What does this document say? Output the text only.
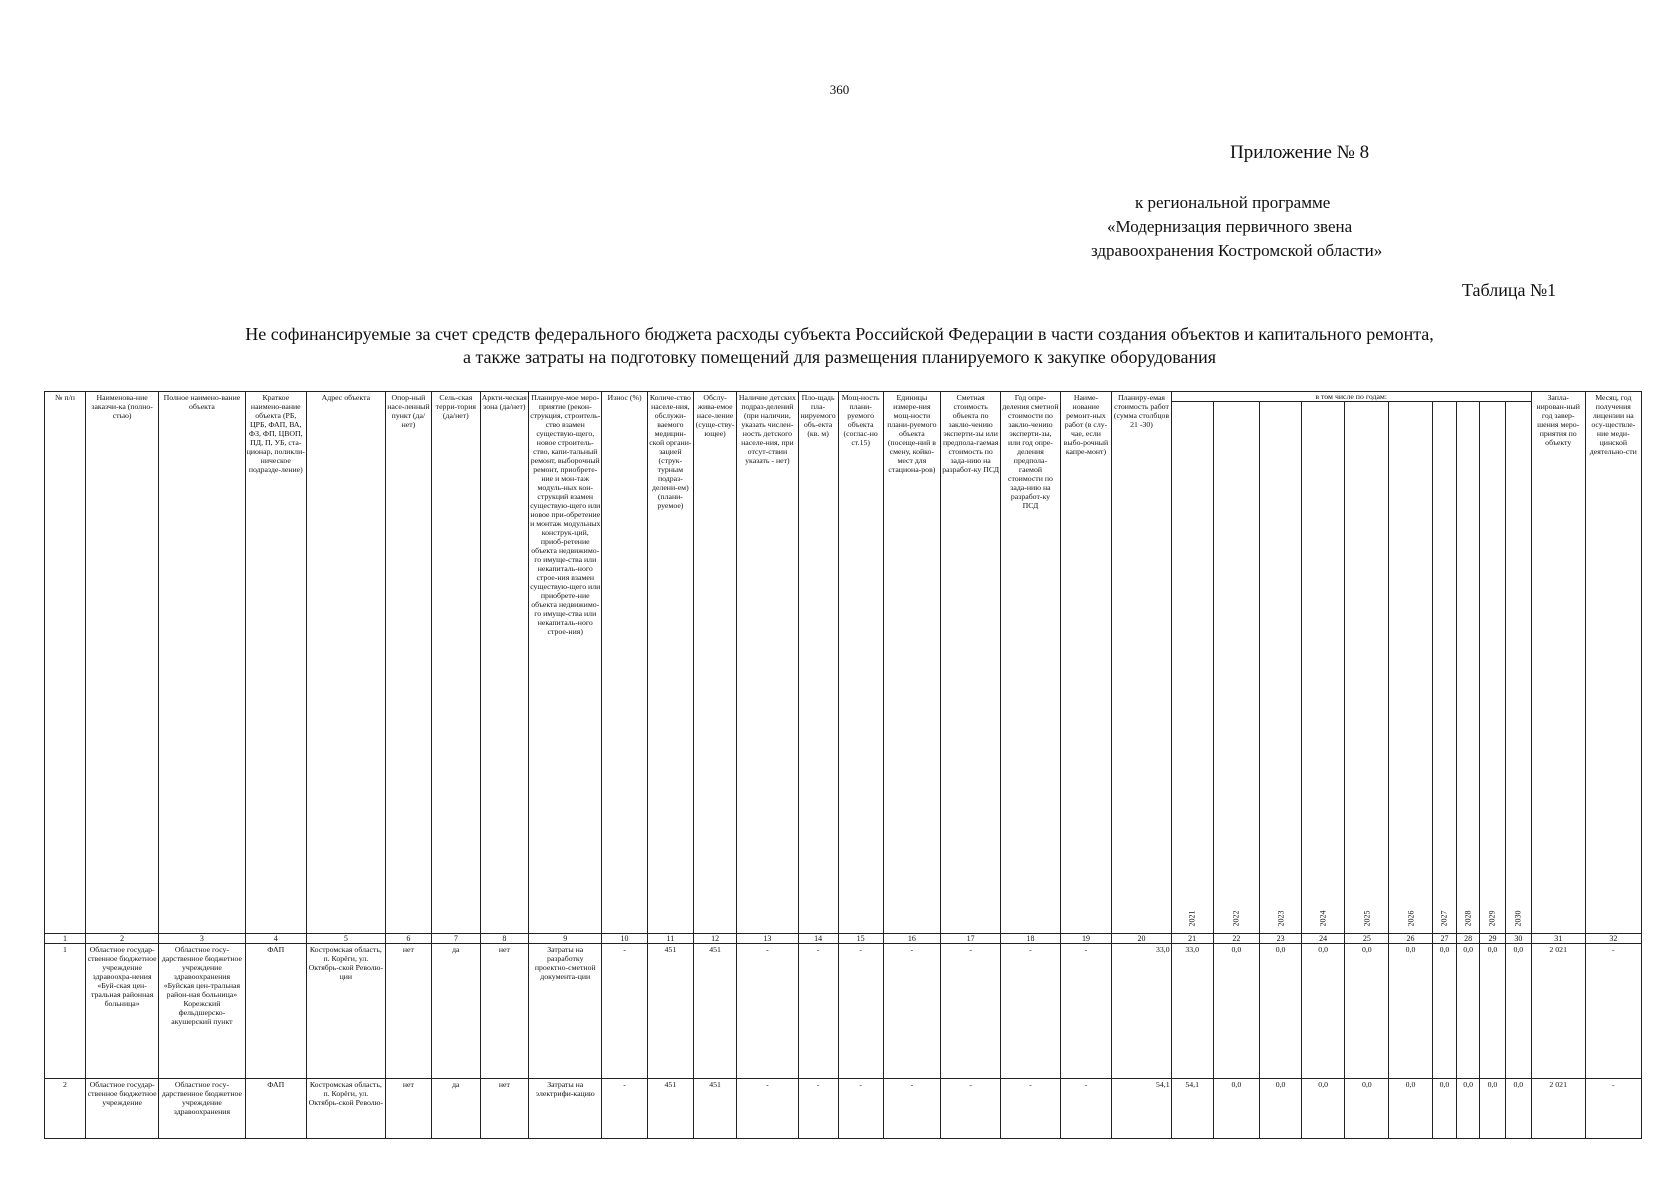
360
Приложение № 8
к региональной программе
«Модернизация первичного звена
здравоохранения Костромской области»
Таблица №1
Не софинансируемые за счет средств федерального бюджета расходы субъекта Российской Федерации в части создания объектов и капитального ремонта,
а также затраты на подготовку помещений для размещения планируемого к закупке оборудования
№ п/п	Наименова-ние заказчи-ка (полно-стью)	Полное наимено-вание объекта	Краткое наимено-вание объекта (РБ, ЦРБ, ФАП, ВА, ФЗ, ФП, ЦВОП, ПД, П, УБ, ста-ционар, поликли-ническое подразде-ление)	Адрес объекта	Опор-ный насе-ленный пункт (да/нет)	Сель-ская терри-тория (да/нет)	Аркти-ческая зона (да/нет)	Планируе-мое меро-приятие (рекон-струкция, строитель-ство взамен существую-щего, новое строитель-ство, капи-тальный ремонт, выборочный ремонт, приобрете-ние и мон-таж модуль-ных кон-струкций взамен существую-щего или новое при-обретение и монтаж модульных конструк-ций, приоб-ретение объекта недвижимо-го имуще-ства или некапиталь-ного строе-ния взамен существую-щего или приобрете-ние объекта недвижимо-го имуще-ства или некапиталь-ного строе-ния)	Износ (%)	Количе-ство населе-ния, обслужи-ваемого медицин-ской органи-зацией (струк-турным подраз-делени-ем) (плани-руемое)	Обслу-жива-емое насе-ление (суще-ству-ющее)	Наличие детских подраз-делений (при наличии, указать числен-ность детского населе-ния, при отсут-ствии указать - нет)	Пло-щадь пла-нируемого объ-екта (кв. м)	Мощ-ность плани-руемого объекта (соглас-но ст.15)	Единицы измере-ния мощ-ности плани-руемого объекта (посеще-ний в смену, койко-мест для стациона-ров)	Сметная стоимость объекта по заклю-чению эксперти-зы или предпола-гаемая стоимость по зада-нию на разработ-ку ПСД	Год опре-деления сметной стоимости по заклю-чению эксперти-зы, или год опре-деления предпола-гаемой стоимости по зада-нию на разработ-ку ПСД	Наиме-нование ремонт-ных работ (в слу-чае, если выбо-рочный капре-монт)	Планиру-емая стоимость работ (сумма столбцов 21 -30)	в том числе по годам:										Запла-нирован-ный год завер-шения меро-приятия по объекту	Месяц, год получения лицензии на осу-ществле-ние меди-цинской деятельно-сти
																				2021	2022	2023	2024	2025	2026	2027	2028	2029	2030		
1	2	3	4	5	6	7	8	9	10	11	12	13	14	15	16	17	18	19	20	21	22	23	24	25	26	27	28	29	30	31	32
1	Областное государ-ственное бюджетное учреждение здравоохра-нения «Буй-ская цен-тральная районная больница»	Областное госу-дарственное бюджетное учреждение здравоохранения «Буйская цен-тральная район-ная больница» Корежский фельдшерско-акушерский пункт	ФАП	Костромская область, п. Корёги, ул. Октябрь-ской Револю-ции	нет	да	нет	Затраты на разработку проектно-сметной документа-ции	-	451	451	-	-	-	-	-	-	-	33,0	33,0	0,0	0,0	0,0	0,0	0,0	0,0	0,0	0,0	0,0	2 021	-
2	Областное государ-ственное бюджетное учреждение	Областное госу-дарственное бюджетное учреждение здравоохранения	ФАП	Костромская область, п. Корёги, ул. Октябрь-ской Револю-	нет	да	нет	Затраты на электрифи-кацию	-	451	451	-	-	-	-	-	-	-	54,1	54,1	0,0	0,0	0,0	0,0	0,0	0,0	0,0	0,0	0,0	2 021	-
